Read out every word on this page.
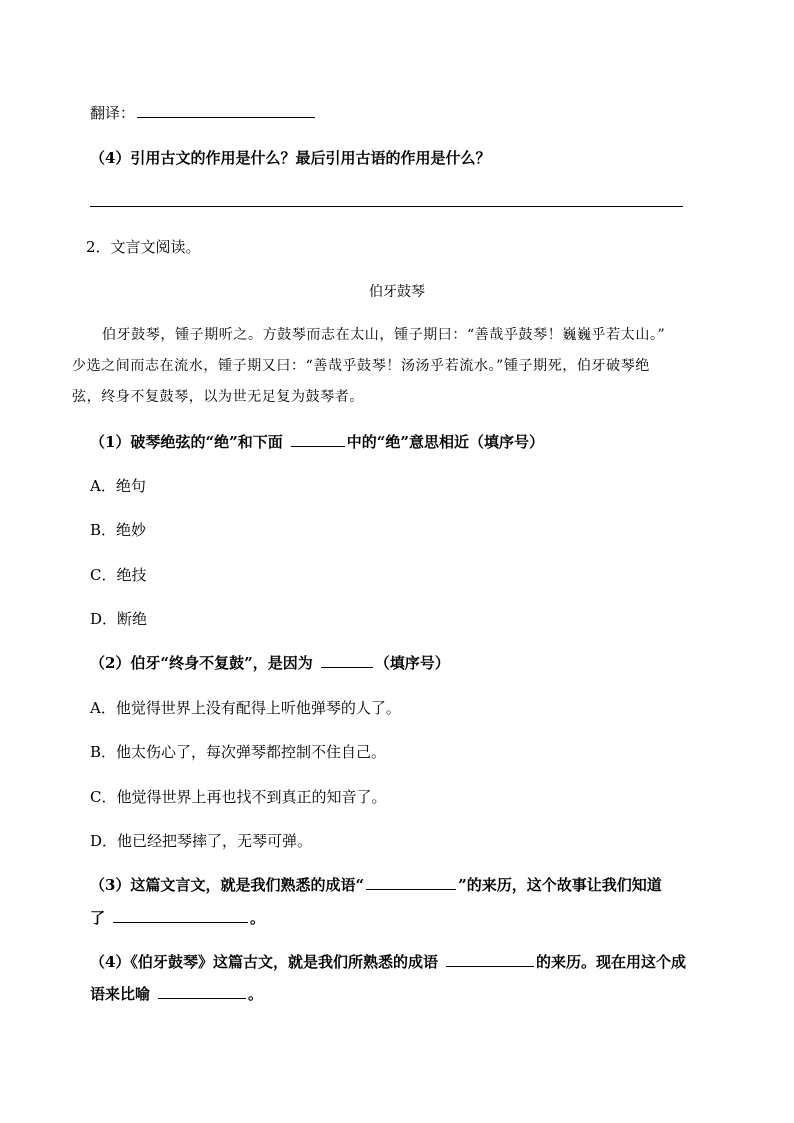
翻译：
（4）引用古文的作用是什么？最后引用古语的作用是什么？
2．文言文阅读。
伯牙鼓琴
伯牙鼓琴，锺子期听之。方鼓琴而志在太山，锺子期曰：“善哉乎鼓琴！巍巍乎若太山。”
少选之间而志在流水，锺子期又曰：“善哉乎鼓琴！汤汤乎若流水。”锺子期死，伯牙破琴绝
弦，终身不复鼓琴，以为世无足复为鼓琴者。
（1）破琴绝弦的“绝”和下面	中的“绝”意思相近（填序号）
A．绝句
B．绝妙
C．绝技
D．断绝
（2）伯牙“终身不复鼓”，是因为	（填序号）
A．他觉得世界上没有配得上听他弹琴的人了。
B．他太伤心了，每次弹琴都控制不住自己。
C．他觉得世界上再也找不到真正的知音了。
D．他已经把琴摔了，无琴可弹。
（3）这篇文言文，就是我们熟悉的成语“	”的来历，这个故事让我们知道
了	。
（4）《伯牙鼓琴》这篇古文，就是我们所熟悉的成语	的来历。现在用这个成
语来比喻	。
